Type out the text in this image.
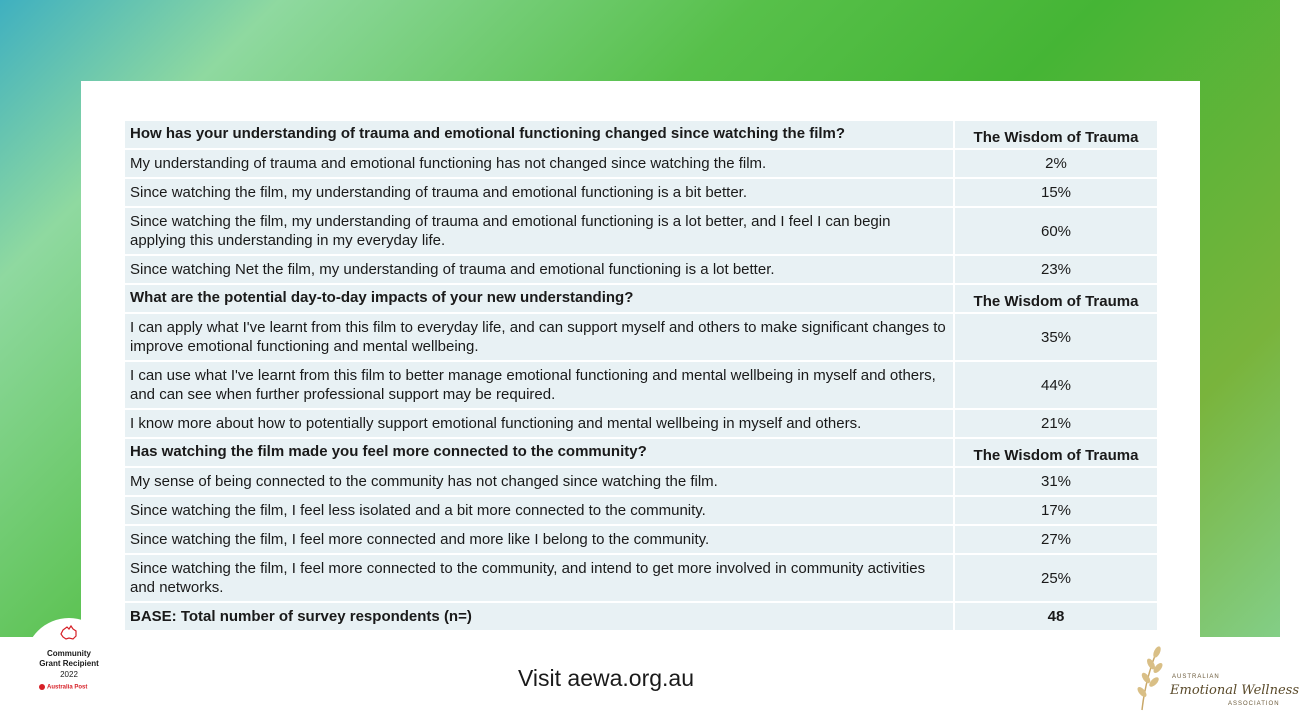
How has your understanding of trauma and emotional functioning changed since watching the film?	The Wisdom of Trauma
My understanding of trauma and emotional functioning has not changed since watching the film.	2%
Since watching the film, my understanding of trauma and emotional functioning is a bit better.	15%
Since watching the film, my understanding of trauma and emotional functioning is a lot better, and I feel I can begin applying this understanding in my everyday life.	60%
Since watching Net the film, my understanding of trauma and emotional functioning is a lot better.	23%
What are the potential day-to-day impacts of your new understanding?	The Wisdom of Trauma
I can apply what I've learnt from this film to everyday life, and can support myself and others to make significant changes to improve emotional functioning and mental wellbeing.	35%
I can use what I've learnt from this film to better manage emotional functioning and mental wellbeing in myself and others, and can see when further professional support may be required.	44%
I know more about how to potentially support emotional functioning and mental wellbeing in myself and others.	21%
Has watching the film made you feel more connected to the community?	The Wisdom of Trauma
My sense of being connected to the community has not changed since watching the film.	31%
Since watching the film, I feel less isolated and a bit more connected to the community.	17%
Since watching the film, I feel more connected and more like I belong to the community.	27%
Since watching the film, I feel more connected to the community, and intend to get more involved in community activities and networks.	25%
BASE: Total number of survey respondents (n=)	48
Community
Grant Recipient
2022
Australia Post	Visit aewa.org.au	AUSTRALIAN
Emotional Wellness
ASSOCIATION
